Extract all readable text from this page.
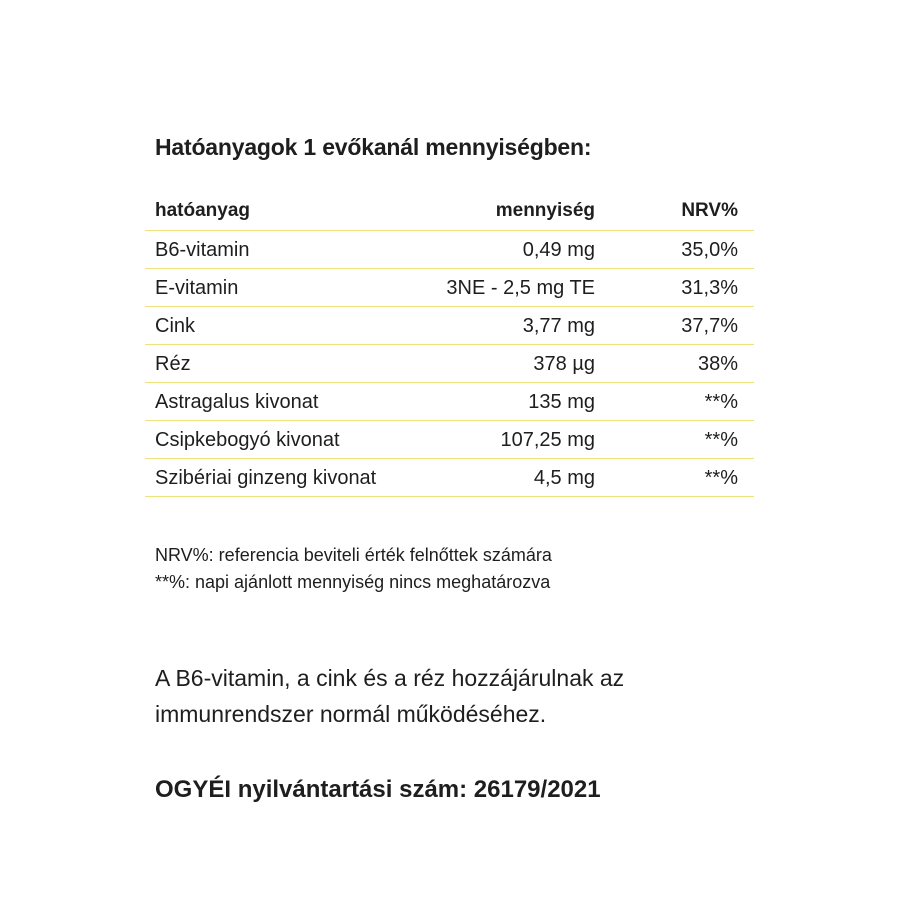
Hatóanyagok 1 evőkanál mennyiségben:
hatóanyag	mennyiség	NRV%
B6-vitamin	0,49 mg	35,0%
E-vitamin	3NE - 2,5 mg TE	31,3%
Cink	3,77 mg	37,7%
Réz	378 µg	38%
Astragalus kivonat	135 mg	**%
Csipkebogyó kivonat	107,25 mg	**%
Szibériai ginzeng kivonat	4,5 mg	**%
NRV%: referencia beviteli érték felnőttek számára
**%: napi ajánlott mennyiség nincs meghatározva
A B6-vitamin, a cink és a réz hozzájárulnak az immunrendszer normál működéséhez.
OGYÉI nyilvántartási szám: 26179/2021
